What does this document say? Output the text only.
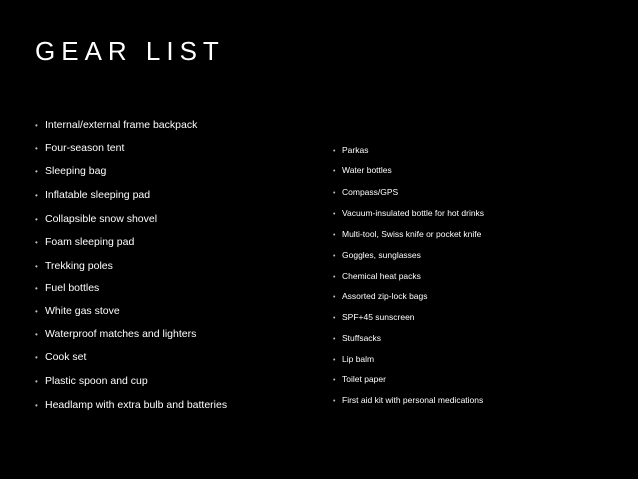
GEAR LIST
• Internal/external frame backpack
• Four-season tent
• Sleeping bag
• Inflatable sleeping pad
• Collapsible snow shovel
• Foam sleeping pad
• Trekking poles
• Fuel bottles
• White gas stove
• Waterproof matches and lighters
• Cook set
• Plastic spoon and cup
• Headlamp with extra bulb and batteries
• Parkas
• Water bottles
• Compass/GPS
• Vacuum-insulated bottle for hot drinks
• Multi-tool, Swiss knife or pocket knife
• Goggles, sunglasses
• Chemical heat packs
• Assorted zip-lock bags
• SPF+45 sunscreen
• Stuffsacks
• Lip balm
• Toilet paper
• First aid kit with personal medications
